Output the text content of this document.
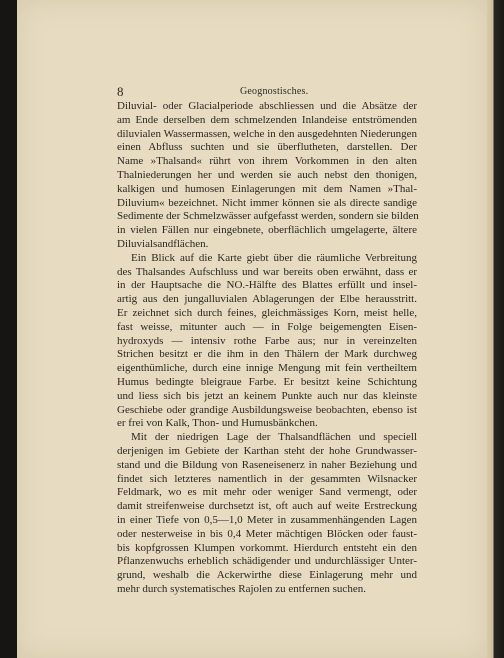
8	Geognostisches.

Diluvial- oder Glacialperiode abschliessen und die Absätze der
am Ende derselben dem schmelzenden Inlandeise entströmenden
diluvialen Wassermassen, welche in den ausgedehnten Niederungen
einen Abfluss suchten und sie überflutheten, darstellen. Der
Name »Thalsand« rührt von ihrem Vorkommen in den alten
Thalniederungen her und werden sie auch nebst den thonigen,
kalkigen und humosen Einlagerungen mit dem Namen »Thal-
Diluvium« bezeichnet. Nicht immer können sie als directe sandige
Sedimente der Schmelzwässer aufgefasst werden, sondern sie bilden
in vielen Fällen nur eingebnete, oberflächlich umgelagerte, ältere
Diluvialsandflächen.

Ein Blick auf die Karte giebt über die räumliche Verbreitung
des Thalsandes Aufschluss und war bereits oben erwähnt, dass er
in der Hauptsache die NO.-Hälfte des Blattes erfüllt und insel-
artig aus den jungalluvialen Ablagerungen der Elbe herausstritt.
Er zeichnet sich durch feines, gleichmässiges Korn, meist helle,
fast weisse, mitunter auch — in Folge beigemengten Eisen-
hydroxyds — intensiv rothe Farbe aus; nur in vereinzelten
Strichen besitzt er die ihm in den Thälern der Mark durchweg
eigenthümliche, durch eine innige Mengung mit fein vertheiltem
Humus bedingte bleigraue Farbe. Er besitzt keine Schichtung
und liess sich bis jetzt an keinem Punkte auch nur das kleinste
Geschiebe oder grandige Ausbildungsweise beobachten, ebenso ist
er frei von Kalk, Thon- und Humusbänkchen.

Mit der niedrigen Lage der Thalsandflächen und speciell
derjenigen im Gebiete der Karthan steht der hohe Grundwasser-
stand und die Bildung von Raseneisenerz in naher Beziehung und
findet sich letzteres namentlich in der gesammten Wilsnacker
Feldmark, wo es mit mehr oder weniger Sand vermengt, oder
damit streifenweise durchsetzt ist, oft auch auf weite Erstreckung
in einer Tiefe von 0,5—1,0 Meter in zusammenhängenden Lagen
oder nesterweise in bis 0,4 Meter mächtigen Blöcken oder faust-
bis kopfgrossen Klumpen vorkommt. Hierdurch entsteht ein den
Pflanzenwuchs erheblich schädigender und undurchlässiger Unter-
grund, weshalb die Ackerwirthe diese Einlagerung mehr und
mehr durch systematisches Rajolen zu entfernen suchen.
